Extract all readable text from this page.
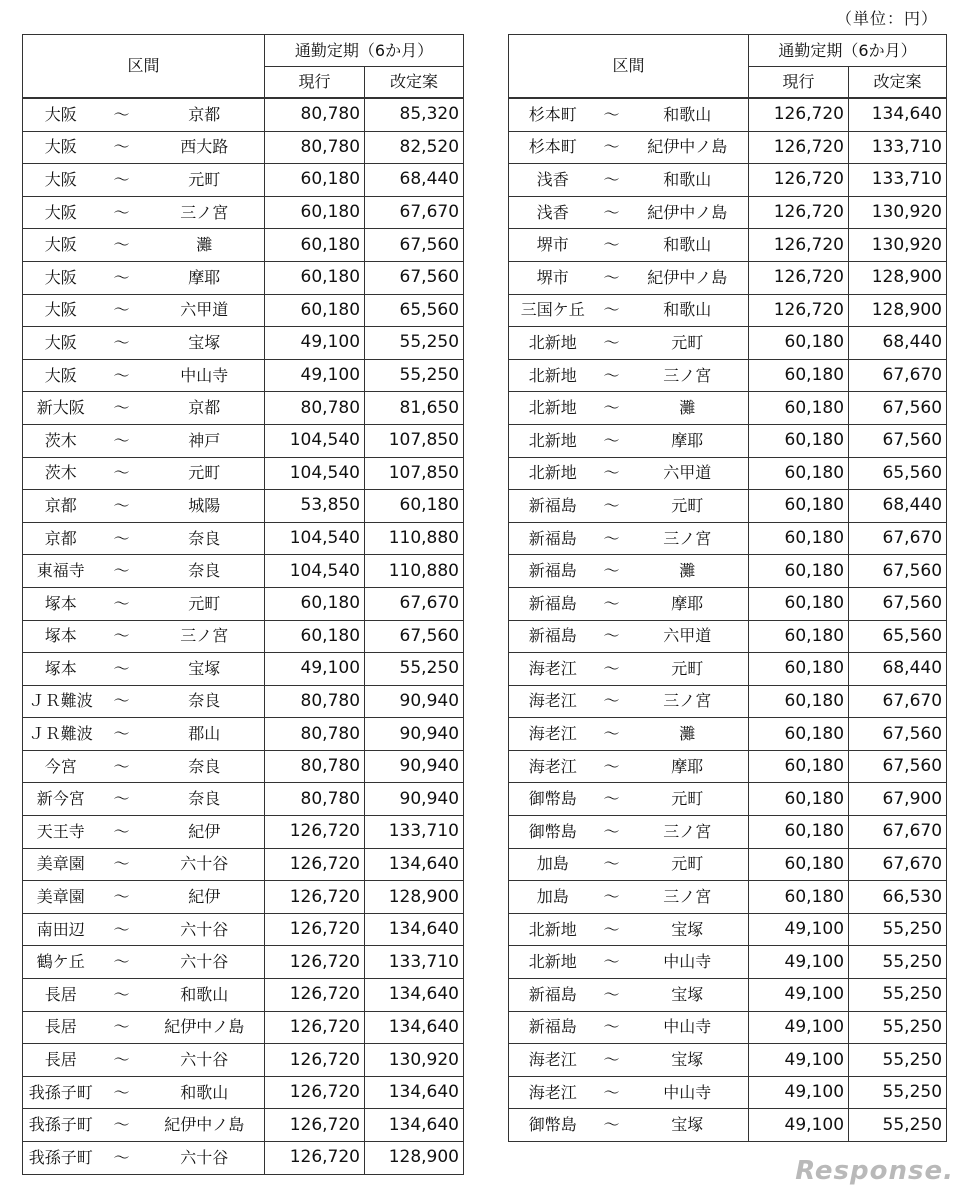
（単位：円）
区間			通勤定期（6か月）	
			現行	改定案
大阪	～	京都	80,780	85,320
大阪	～	西大路	80,780	82,520
大阪	～	元町	60,180	68,440
大阪	～	三ノ宮	60,180	67,670
大阪	～	灘	60,180	67,560
大阪	～	摩耶	60,180	67,560
大阪	～	六甲道	60,180	65,560
大阪	～	宝塚	49,100	55,250
大阪	～	中山寺	49,100	55,250
新大阪	～	京都	80,780	81,650
茨木	～	神戸	104,540	107,850
茨木	～	元町	104,540	107,850
京都	～	城陽	53,850	60,180
京都	～	奈良	104,540	110,880
東福寺	～	奈良	104,540	110,880
塚本	～	元町	60,180	67,670
塚本	～	三ノ宮	60,180	67,560
塚本	～	宝塚	49,100	55,250
ＪＲ難波	～	奈良	80,780	90,940
ＪＲ難波	～	郡山	80,780	90,940
今宮	～	奈良	80,780	90,940
新今宮	～	奈良	80,780	90,940
天王寺	～	紀伊	126,720	133,710
美章園	～	六十谷	126,720	134,640
美章園	～	紀伊	126,720	128,900
南田辺	～	六十谷	126,720	134,640
鶴ケ丘	～	六十谷	126,720	133,710
長居	～	和歌山	126,720	134,640
長居	～	紀伊中ノ島	126,720	134,640
長居	～	六十谷	126,720	130,920
我孫子町	～	和歌山	126,720	134,640
我孫子町	～	紀伊中ノ島	126,720	134,640
我孫子町	～	六十谷	126,720	128,900
区間			通勤定期（6か月）	
			現行	改定案
杉本町	～	和歌山	126,720	134,640
杉本町	～	紀伊中ノ島	126,720	133,710
浅香	～	和歌山	126,720	133,710
浅香	～	紀伊中ノ島	126,720	130,920
堺市	～	和歌山	126,720	130,920
堺市	～	紀伊中ノ島	126,720	128,900
三国ケ丘	～	和歌山	126,720	128,900
北新地	～	元町	60,180	68,440
北新地	～	三ノ宮	60,180	67,670
北新地	～	灘	60,180	67,560
北新地	～	摩耶	60,180	67,560
北新地	～	六甲道	60,180	65,560
新福島	～	元町	60,180	68,440
新福島	～	三ノ宮	60,180	67,670
新福島	～	灘	60,180	67,560
新福島	～	摩耶	60,180	67,560
新福島	～	六甲道	60,180	65,560
海老江	～	元町	60,180	68,440
海老江	～	三ノ宮	60,180	67,670
海老江	～	灘	60,180	67,560
海老江	～	摩耶	60,180	67,560
御幣島	～	元町	60,180	67,900
御幣島	～	三ノ宮	60,180	67,670
加島	～	元町	60,180	67,670
加島	～	三ノ宮	60,180	66,530
北新地	～	宝塚	49,100	55,250
北新地	～	中山寺	49,100	55,250
新福島	～	宝塚	49,100	55,250
新福島	～	中山寺	49,100	55,250
海老江	～	宝塚	49,100	55,250
海老江	～	中山寺	49,100	55,250
御幣島	～	宝塚	49,100	55,250
Response.
